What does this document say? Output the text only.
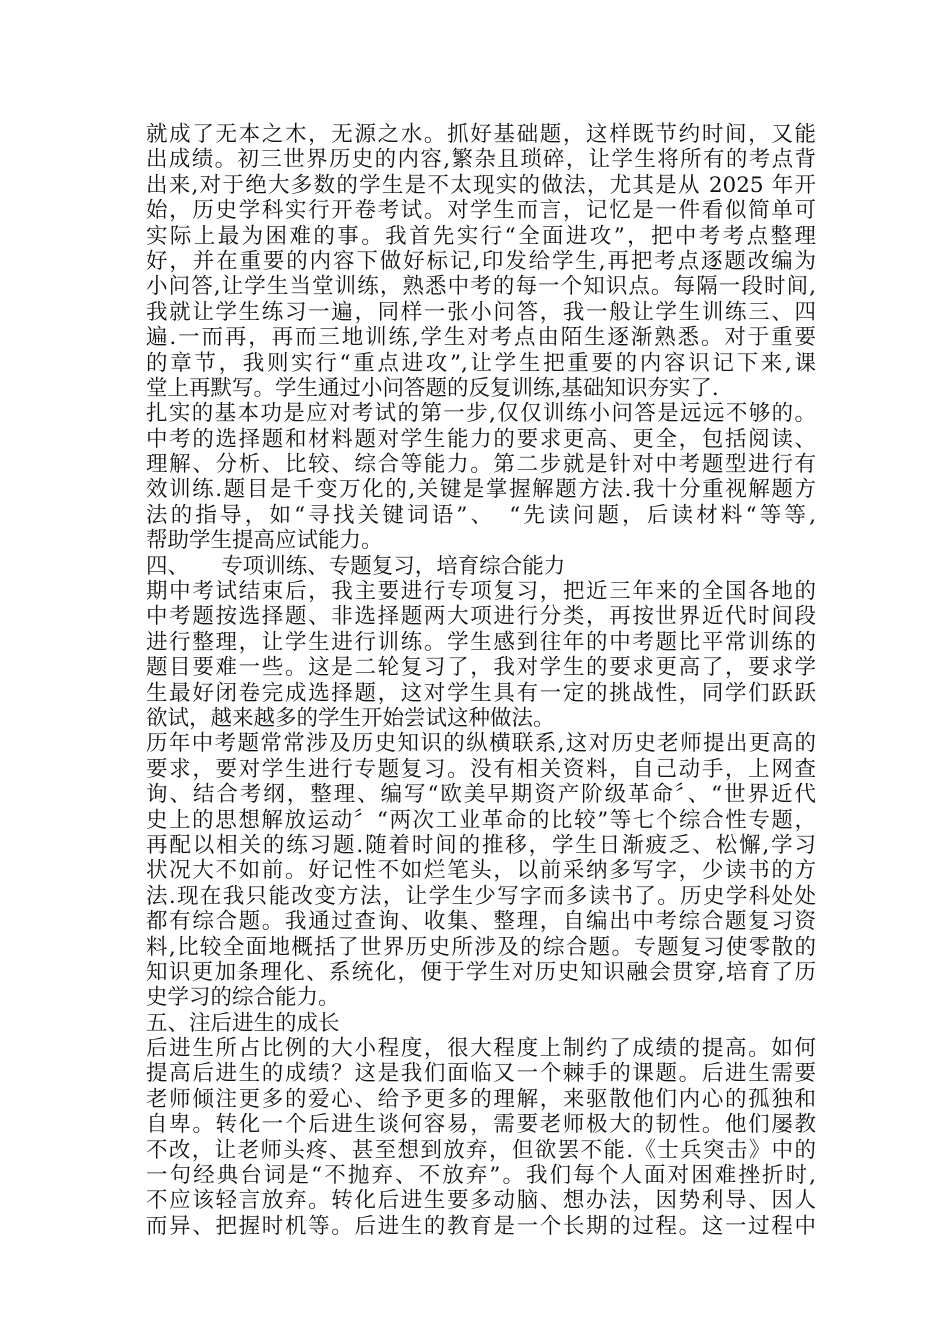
就成了无本之木，无源之水。抓好基础题，这样既节约时间，又能
出成绩。初三世界历史的内容,繁杂且琐碎，让学生将所有的考点背
出来,对于绝大多数的学生是不太现实的做法，尤其是从 2025 年开
始，历史学科实行开卷考试。对学生而言，记忆是一件看似简单可
实际上最为困难的事。我首先实行“全面进攻”，把中考考点整理
好，并在重要的内容下做好标记,印发给学生,再把考点逐题改编为
小问答,让学生当堂训练，熟悉中考的每一个知识点。每隔一段时间,
我就让学生练习一遍，同样一张小问答，我一般让学生训练三、四
遍.一而再，再而三地训练,学生对考点由陌生逐渐熟悉。对于重要
的章节，我则实行“重点进攻”,让学生把重要的内容识记下来,课
堂上再默写。学生通过小问答题的反复训练,基础知识夯实了.
扎实的基本功是应对考试的第一步,仅仅训练小问答是远远不够的。
中考的选择题和材料题对学生能力的要求更高、更全，包括阅读、
理解、分析、比较、综合等能力。第二步就是针对中考题型进行有
效训练.题目是千变万化的,关键是掌握解题方法.我十分重视解题方
法的指导，如“寻找关键词语”、　“先读问题，后读材料“等等,
帮助学生提高应试能力。
四、　　专项训练、专题复习，培育综合能力
期中考试结束后，我主要进行专项复习，把近三年来的全国各地的
中考题按选择题、非选择题两大项进行分类，再按世界近代时间段
进行整理，让学生进行训练。学生感到往年的中考题比平常训练的
题目要难一些。这是二轮复习了，我对学生的要求更高了，要求学
生最好闭卷完成选择题，这对学生具有一定的挑战性，同学们跃跃
欲试，越来越多的学生开始尝试这种做法。
历年中考题常常涉及历史知识的纵横联系,这对历史老师提出更高的
要求，要对学生进行专题复习。没有相关资料，自己动手，上网查
询、结合考纲，整理、编写“欧美早期资产阶级革命〞、“世界近代
史上的思想解放运动〞“两次工业革命的比较”等七个综合性专题，
再配以相关的练习题.随着时间的推移，学生日渐疲乏、松懈,学习
状况大不如前。好记性不如烂笔头，以前采纳多写字，少读书的方
法.现在我只能改变方法，让学生少写字而多读书了。历史学科处处
都有综合题。我通过查询、收集、整理，自编出中考综合题复习资
料,比较全面地概括了世界历史所涉及的综合题。专题复习使零散的
知识更加条理化、系统化，便于学生对历史知识融会贯穿,培育了历
史学习的综合能力。
五、注后进生的成长
后进生所占比例的大小程度，很大程度上制约了成绩的提高。如何
提高后进生的成绩？这是我们面临又一个棘手的课题。后进生需要
老师倾注更多的爱心、给予更多的理解，来驱散他们内心的孤独和
自卑。转化一个后进生谈何容易，需要老师极大的韧性。他们屡教
不改，让老师头疼、甚至想到放弃，但欲罢不能.《士兵突击》中的
一句经典台词是“不抛弃、不放弃”。我们每个人面对困难挫折时,
不应该轻言放弃。转化后进生要多动脑、想办法，因势利导、因人
而异、把握时机等。后进生的教育是一个长期的过程。这一过程中
